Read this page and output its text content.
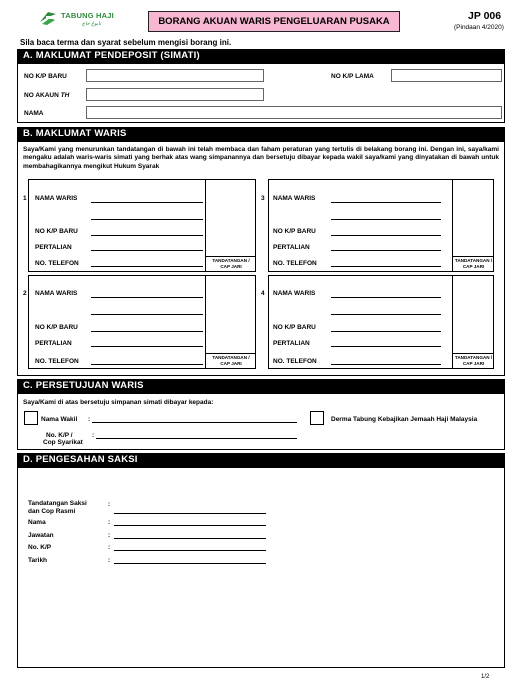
TABUNG HAJI
تابوڠ حاج	BORANG AKUAN WARIS PENGELUARAN PUSAKA	JP 006
(Pindaan 4/2020)
Sila baca terma dan syarat sebelum mengisi borang ini.
A. MAKLUMAT PENDEPOSIT (SIMATI)
NO K/P BARU	NO K/P LAMA
NO AKAUN TH
NAMA
B. MAKLUMAT WARIS
Saya/Kami yang menurunkan tandatangan di bawah ini telah membaca dan faham peraturan yang tertulis di belakang borang ini. Dengan ini, saya/kami mengaku adalah waris-waris simati yang berhak atas wang simpanannya dan bersetuju dibayar kepada wakil saya/kami yang dinyatakan di bawah untuk membahagikannya mengikut Hukum Syarak
1 NAMA WARIS
NO K/P BARU
PERTALIAN
NO. TELEFON	TANDATANGAN /
CAP JARI
3 NAMA WARIS
NO K/P BARU
PERTALIAN
NO. TELEFON	TANDATANGAN /
CAP JARI
2 NAMA WARIS
NO K/P BARU
PERTALIAN
NO. TELEFON
TANDATANGAN /
CAP JARI
4 NAMA WARIS
NO K/P BARU
PERTALIAN
NO. TELEFON
TANDATANGAN /
CAP JARI
C. PERSETUJUAN WARIS
Saya/Kami di atas bersetuju simpanan simati dibayar kepada:
Nama Wakil :
No. K/P /
Cop Syarikat
:
Derma Tabung Kebajikan Jemaah Haji Malaysia
D. PENGESAHAN SAKSI
Tandatangan Saksi
dan Cop Rasmi
:
Nama	:
Jawatan	:
No. K/P	:
Tarikh	:
1/2
